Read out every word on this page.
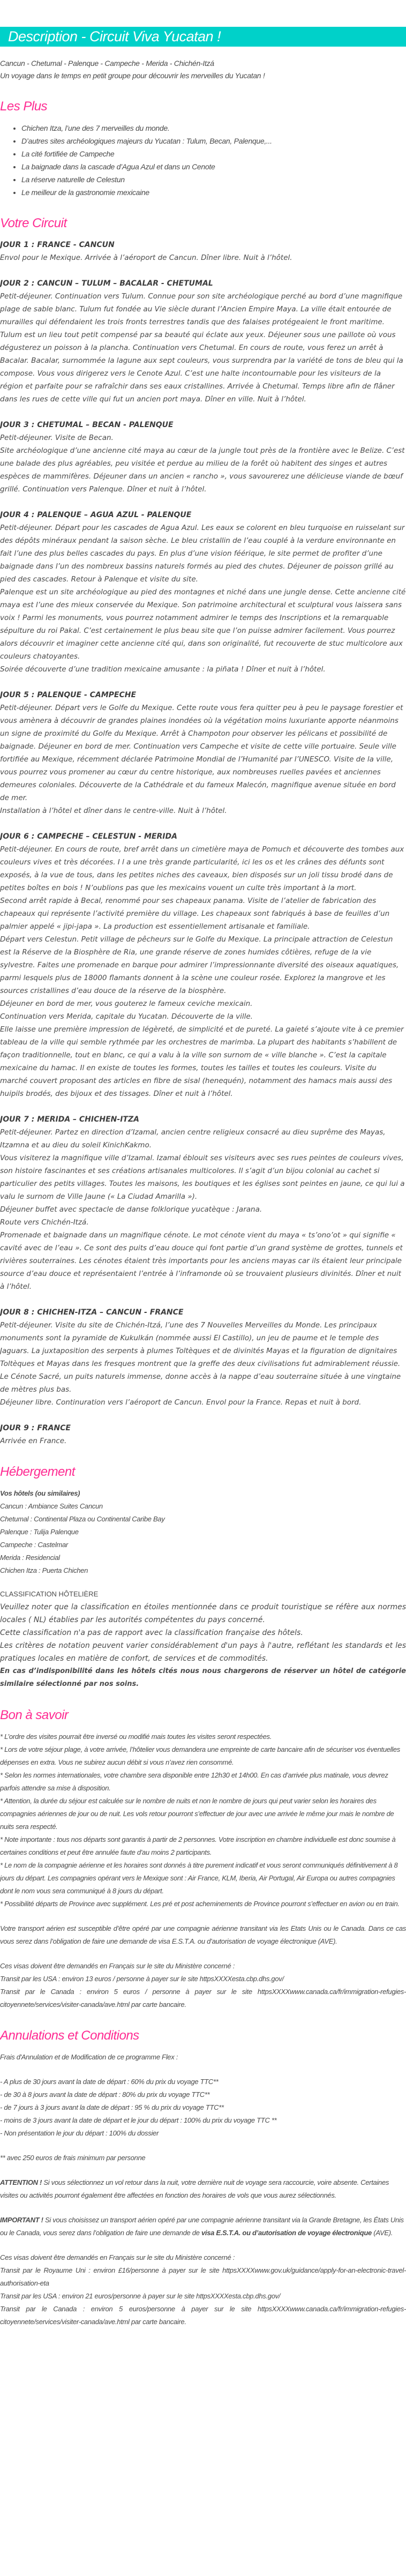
Description - Circuit Viva Yucatan !
Cancun - Chetumal - Palenque - Campeche - Merida - Chichén-Itzá
Un voyage dans le temps en petit groupe pour découvrir les merveilles du Yucatan !
Les Plus
• Chichen Itza, l’une des 7 merveilles du monde.
• D’autres sites archéologiques majeurs du Yucatan : Tulum, Becan, Palenque,...
• La cité fortifiée de Campeche
• La baignade dans la cascade d’Agua Azul et dans un Cenote
• La réserve naturelle de Celestun
• Le meilleur de la gastronomie mexicaine
Votre Circuit
JOUR 1 : FRANCE - CANCUN

Envol pour le Mexique. Arrivée à l’aéroport de Cancun. Dîner libre. Nuit à l’hôtel.

JOUR 2 : CANCUN – TULUM – BACALAR - CHETUMAL

Petit-déjeuner. Continuation vers Tulum. Connue pour son site archéologique perché au bord d’une magnifique plage de sable blanc. Tulum fut fondée au Vie siècle durant l’Ancien Empire Maya. La ville était entourée de murailles qui défendaient les trois fronts terrestres tandis que des falaises protégeaient le front maritime. Tulum est un lieu tout petit compensé par sa beauté qui éclate aux yeux. Déjeuner sous une paillote où vous dégusterez un poisson à la plancha. Continuation vers Chetumal. En cours de route, vous ferez un arrêt à Bacalar. Bacalar, surnommée la lagune aux sept couleurs, vous surprendra par la variété de tons de bleu qui la compose. Vous vous dirigerez vers le Cenote Azul. C’est une halte incontournable pour les visiteurs de la région et parfaite pour se rafraîchir dans ses eaux cristallines. Arrivée à Chetumal. Temps libre afin de flâner dans les rues de cette ville qui fut un ancien port maya. Dîner en ville. Nuit à l’hôtel.

JOUR 3 : CHETUMAL – BECAN - PALENQUE

Petit-déjeuner. Visite de Becan.

Site archéologique d’une ancienne cité maya au cœur de la jungle tout près de la frontière avec le Belize. C’est une balade des plus agréables, peu visitée et perdue au milieu de la forêt où habitent des singes et autres espèces de mammifères. Déjeuner dans un ancien « rancho », vous savourerez une délicieuse viande de bœuf grillé. Continuation vers Palenque. Dîner et nuit à l’hôtel.

JOUR 4 : PALENQUE – AGUA AZUL - PALENQUE

Petit-déjeuner. Départ pour les cascades de Agua Azul. Les eaux se colorent en bleu turquoise en ruisselant sur des dépôts minéraux pendant la saison sèche. Le bleu cristallin de l’eau couplé à la verdure environnante en fait l’une des plus belles cascades du pays. En plus d’une vision féérique, le site permet de profiter d’une baignade dans l’un des nombreux bassins naturels formés au pied des chutes. Déjeuner de poisson grillé au pied des cascades. Retour à Palenque et visite du site.

Palenque est un site archéologique au pied des montagnes et niché dans une jungle dense. Cette ancienne cité maya est l’une des mieux conservée du Mexique. Son patrimoine architectural et sculptural vous laissera sans voix ! Parmi les monuments, vous pourrez notamment admirer le temps des Inscriptions et la remarquable sépulture du roi Pakal. C’est certainement le plus beau site que l’on puisse admirer facilement. Vous pourrez alors découvrir et imaginer cette ancienne cité qui, dans son originalité, fut recouverte de stuc multicolore aux couleurs chatoyantes.

Soirée découverte d’une tradition mexicaine amusante : la piñata ! Dîner et nuit à l’hôtel.

JOUR 5 : PALENQUE - CAMPECHE

Petit-déjeuner. Départ vers le Golfe du Mexique. Cette route vous fera quitter peu à peu le paysage forestier et vous amènera à découvrir de grandes plaines inondées où la végétation moins luxuriante apporte néanmoins un signe de proximité du Golfe du Mexique. Arrêt à Champoton pour observer les pélicans et possibilité de baignade. Déjeuner en bord de mer. Continuation vers Campeche et visite de cette ville portuaire. Seule ville fortifiée au Mexique, récemment déclarée Patrimoine Mondial de l’Humanité par l’UNESCO. Visite de la ville, vous pourrez vous promener au cœur du centre historique, aux nombreuses ruelles pavées et anciennes demeures coloniales. Découverte de la Cathédrale et du fameux Malecón, magnifique avenue située en bord de mer.

Installation à l’hôtel et dîner dans le centre-ville. Nuit à l’hôtel.

JOUR 6 : CAMPECHE – CELESTUN - MERIDA

Petit-déjeuner. En cours de route, bref arrêt dans un cimetière maya de Pomuch et découverte des tombes aux couleurs vives et très décorées. I l a une très grande particularité, ici les os et les crânes des défunts sont exposés, à la vue de tous, dans les petites niches des caveaux, bien disposés sur un joli tissu brodé dans de petites boîtes en bois ! N’oublions pas que les mexicains vouent un culte très important à la mort.

Second arrêt rapide à Becal, renommé pour ses chapeaux panama. Visite de l’atelier de fabrication des chapeaux qui représente l’activité première du village. Les chapeaux sont fabriqués à base de feuilles d’un palmier appelé « jipi-japa ». La production est essentiellement artisanale et familiale.

Départ vers Celestun. Petit village de pêcheurs sur le Golfe du Mexique. La principale attraction de Celestun est la Réserve de la Biosphère de Ria, une grande réserve de zones humides côtières, refuge de la vie sylvestre. Faites une promenade en barque pour admirer l’impressionnante diversité des oiseaux aquatiques, parmi lesquels plus de 18000 flamants donnent à la scène une couleur rosée. Explorez la mangrove et les sources cristallines d’eau douce de la réserve de la biosphère.

Déjeuner en bord de mer, vous gouterez le fameux ceviche mexicain.

Continuation vers Merida, capitale du Yucatan. Découverte de la ville.

Elle laisse une première impression de légèreté, de simplicité et de pureté. La gaieté s’ajoute vite à ce premier tableau de la ville qui semble rythmée par les orchestres de marimba. La plupart des habitants s’habillent de façon traditionnelle, tout en blanc, ce qui a valu à la ville son surnom de « ville blanche ». C’est la capitale mexicaine du hamac. Il en existe de toutes les formes, toutes les tailles et toutes les couleurs. Visite du marché couvert proposant des articles en fibre de sisal (henequén), notamment des hamacs mais aussi des huipils brodés, des bijoux et des tissages. Dîner et nuit à l’hôtel.

JOUR 7 : MERIDA – CHICHEN-ITZA

Petit-déjeuner. Partez en direction d’Izamal, ancien centre religieux consacré au dieu suprême des Mayas, Itzamna et au dieu du soleil KinichKakmo.

Vous visiterez la magnifique ville d’Izamal. Izamal éblouit ses visiteurs avec ses rues peintes de couleurs vives, son histoire fascinantes et ses créations artisanales multicolores. Il s’agit d’un bijou colonial au cachet si particulier des petits villages. Toutes les maisons, les boutiques et les églises sont peintes en jaune, ce qui lui a valu le surnom de Ville Jaune (« La Ciudad Amarilla »).

Déjeuner buffet avec spectacle de danse folklorique yucatèque : Jarana.

Route vers Chichén-Itzá.

Promenade et baignade dans un magnifique cénote. Le mot cénote vient du maya « ts’ono’ot » qui signifie « cavité avec de l’eau ». Ce sont des puits d’eau douce qui font partie d’un grand système de grottes, tunnels et rivières souterraines. Les cénotes étaient très importants pour les anciens mayas car ils étaient leur principale source d’eau douce et représentaient l’entrée à l’inframonde où se trouvaient plusieurs divinités. Dîner et nuit à l’hôtel.

JOUR 8 : CHICHEN-ITZA – CANCUN - FRANCE

Petit-déjeuner. Visite du site de Chichén-Itzá, l’une des 7 Nouvelles Merveilles du Monde. Les principaux monuments sont la pyramide de Kukulkán (nommée aussi El Castillo), un jeu de paume et le temple des Jaguars. La juxtaposition des serpents à plumes Toltèques et de divinités Mayas et la figuration de dignitaires Toltèques et Mayas dans les fresques montrent que la greffe des deux civilisations fut admirablement réussie. Le Cénote Sacré, un puits naturels immense, donne accès à la nappe d’eau souterraine située à une vingtaine de mètres plus bas.

Déjeuner libre. Continuration vers l’aéroport de Cancun. Envol pour la France. Repas et nuit à bord.

JOUR 9 : FRANCE

Arrivée en France.

Hébergement
Vos hôtels (ou similaires)
Cancun : Ambiance Suites Cancun
Chetumal : Continental Plaza ou Continental Caribe Bay
Palenque : Tulija Palenque
Campeche : Castelmar
Merida : Residencial
Chichen Itza : Puerta Chichen
CLASSIFICATION HÔTELIÈRE

Veuillez noter que la classification en étoiles mentionnée dans ce produit touristique se réfère aux normes locales ( NL) établies par les autorités compétentes du pays concerné.

Cette classification n'a pas de rapport avec la classification française des hôtels.

Les critères de notation peuvent varier considérablement d'un pays à l'autre, reflétant les standards et les pratiques locales en matière de confort, de services et de commodités.

En cas d’indisponibilité dans les hôtels cités nous nous chargerons de réserver un hôtel de catégorie similaire sélectionné par nos soins.

Bon à savoir

* L’ordre des visites pourrait être inversé ou modifié mais toutes les visites seront respectées.

* Lors de votre séjour plage, à votre arrivée, l’hôtelier vous demandera une empreinte de carte bancaire afin de sécuriser vos éventuelles dépenses en extra. Vous ne subirez aucun débit si vous n’avez rien consommé.

* Selon les normes internationales, votre chambre sera disponible entre 12h30 et 14h00. En cas d’arrivée plus matinale, vous devrez parfois attendre sa mise à disposition.

* Attention, la durée du séjour est calculée sur le nombre de nuits et non le nombre de jours qui peut varier selon les horaires des compagnies aériennes de jour ou de nuit. Les vols retour pourront s’effectuer de jour avec une arrivée le même jour mais le nombre de nuits sera respecté.

* Note importante : tous nos départs sont garantis à partir de 2 personnes. Votre inscription en chambre individuelle est donc soumise à certaines conditions et peut être annulée faute d'au moins 2 participants.

* Le nom de la compagnie aérienne et les horaires sont donnés à titre purement indicatif et vous seront communiqués définitivement à 8 jours du départ. Les compagnies opérant vers le Mexique sont : Air France, KLM, Iberia, Air Portugal, Air Europa ou autres compagnies dont le nom vous sera communiqué à 8 jours du départ.

* Possibilité départs de Province avec supplément. Les pré et post acheminements de Province pourront s’effectuer en avion ou en train.

Votre transport aérien est susceptible d’être opéré par une compagnie aérienne transitant via les Etats Unis ou le Canada. Dans ce cas vous serez dans l’obligation de faire une demande de visa E.S.T.A. ou d’autorisation de voyage électronique (AVE).

Ces visas doivent être demandés en Français sur le site du Ministère concerné :

Transit par les USA : environ 13 euros / personne à payer sur le site httpsXXXXesta.cbp.dhs.gov/

Transit par le Canada : environ 5 euros / personne à payer sur le site httpsXXXXwww.canada.ca/fr/immigration-refugies-citoyennete/services/visiter-canada/ave.html par carte bancaire.

Annulations et Conditions

Frais d'Annulation et de Modification de ce programme Flex :

- A plus de 30 jours avant la date de départ : 60% du prix du voyage TTC**

- de 30 à 8 jours avant la date de départ : 80% du prix du voyage TTC**

- de 7 jours à 3 jours avant la date de départ : 95 % du prix du voyage TTC**

- moins de 3 jours avant la date de départ et le jour du départ : 100% du prix du voyage TTC **

- Non présentation le jour du départ : 100% du dossier

** avec 250 euros de frais minimum par personne

ATTENTION ! Si vous sélectionnez un vol retour dans la nuit, votre dernière nuit de voyage sera raccourcie, voire absente. Certaines visites ou activités pourront également être affectées en fonction des horaires de vols que vous aurez sélectionnés.

IMPORTANT ! Si vous choisissez un transport aérien opéré par une compagnie aérienne transitant via la Grande Bretagne, les États Unis ou le Canada, vous serez dans l’obligation de faire une demande de visa E.S.T.A. ou d’autorisation de voyage électronique (AVE).

Ces visas doivent être demandés en Français sur le site du Ministère concerné :

Transit par le Royaume Uni : environ £16/personne à payer sur le site httpsXXXXwww.gov.uk/guidance/apply-for-an-electronic-travel-authorisation-eta

Transit par les USA : environ 21 euros/personne à payer sur le site httpsXXXXesta.cbp.dhs.gov/

Transit par le Canada : environ 5 euros/personne à payer sur le site httpsXXXXwww.canada.ca/fr/immigration-refugies-citoyennete/services/visiter-canada/ave.html par carte bancaire.
